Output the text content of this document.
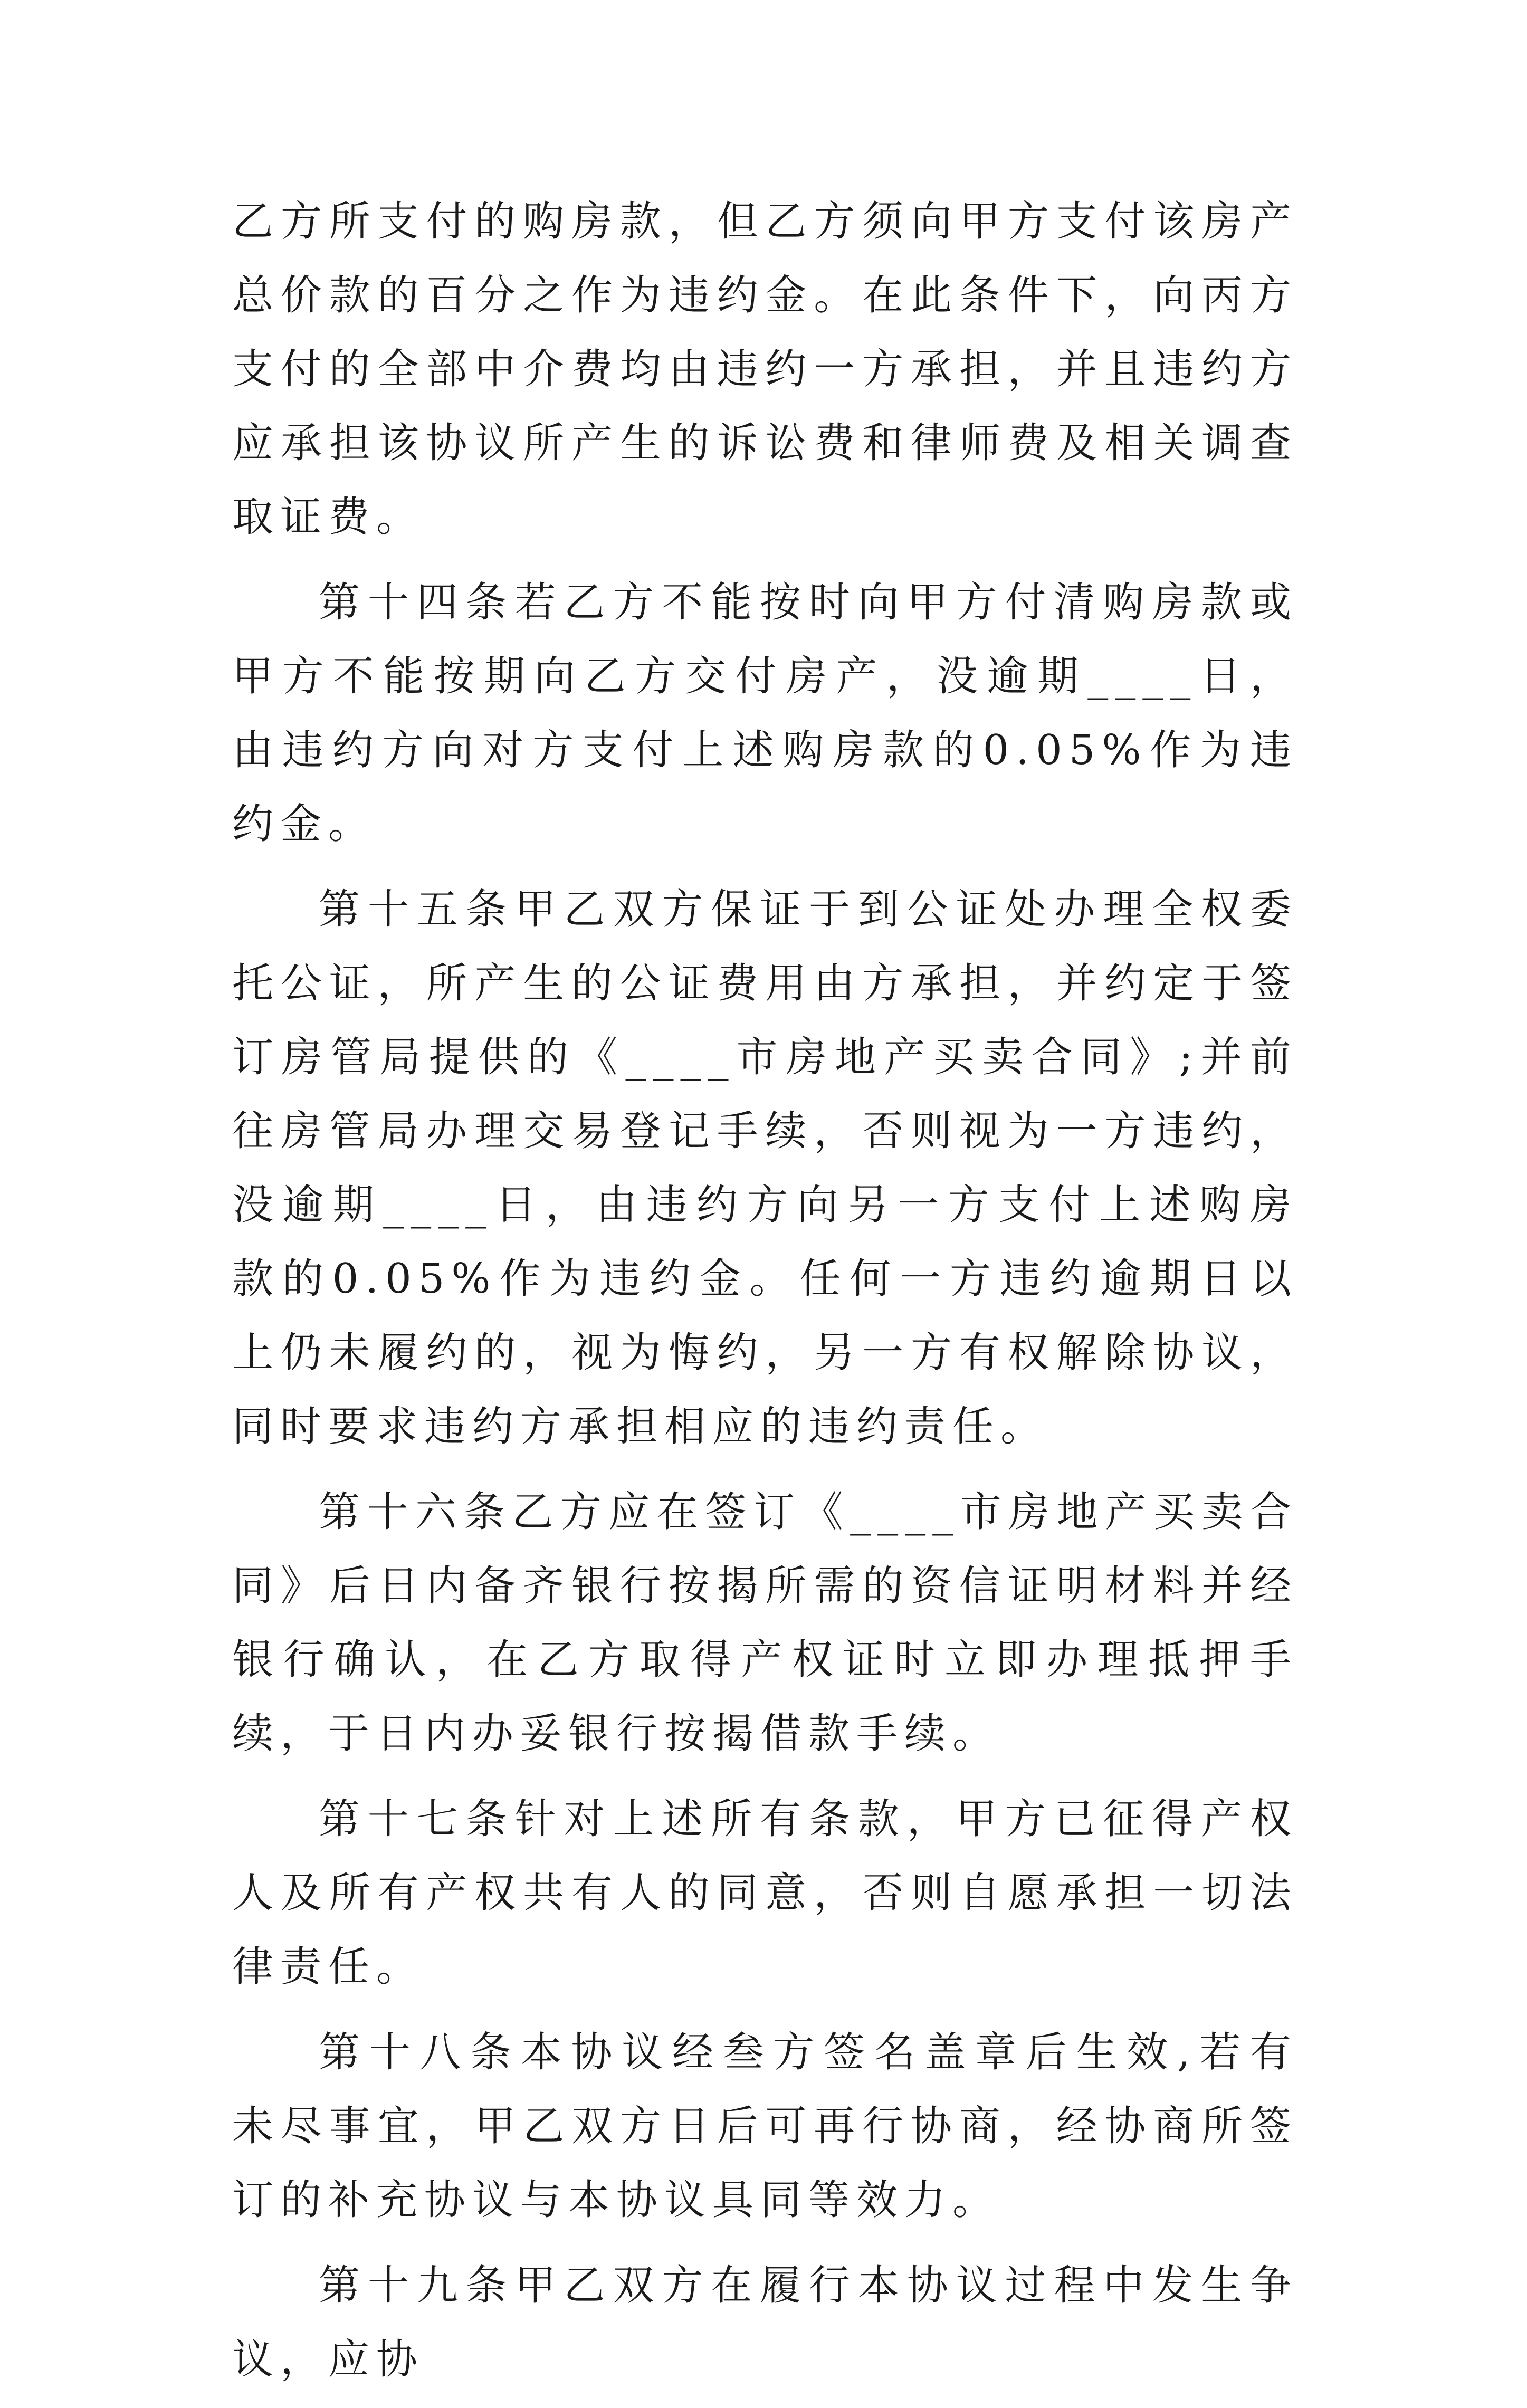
乙方所支付的购房款，但乙方须向甲方支付该房产总价款的百分之作为违约金。在此条件下，向丙方支付的全部中介费均由违约一方承担，并且违约方应承担该协议所产生的诉讼费和律师费及相关调查取证费。

第十四条若乙方不能按时向甲方付清购房款或甲方不能按期向乙方交付房产，没逾期____日，由违约方向对方支付上述购房款的0.05%作为违约金。

第十五条甲乙双方保证于到公证处办理全权委托公证，所产生的公证费用由方承担，并约定于签订房管局提供的《____市房地产买卖合同》;并前往房管局办理交易登记手续，否则视为一方违约，没逾期____日，由违约方向另一方支付上述购房款的0.05%作为违约金。任何一方违约逾期日以上仍未履约的，视为悔约，另一方有权解除协议，同时要求违约方承担相应的违约责任。

第十六条乙方应在签订《____市房地产买卖合同》后日内备齐银行按揭所需的资信证明材料并经银行确认，在乙方取得产权证时立即办理抵押手续，于日内办妥银行按揭借款手续。

第十七条针对上述所有条款，甲方已征得产权人及所有产权共有人的同意，否则自愿承担一切法律责任。

第十八条本协议经叁方签名盖章后生效,若有未尽事宜，甲乙双方日后可再行协商，经协商所签订的补充协议与本协议具同等效力。

第十九条甲乙双方在履行本协议过程中发生争议，应协
